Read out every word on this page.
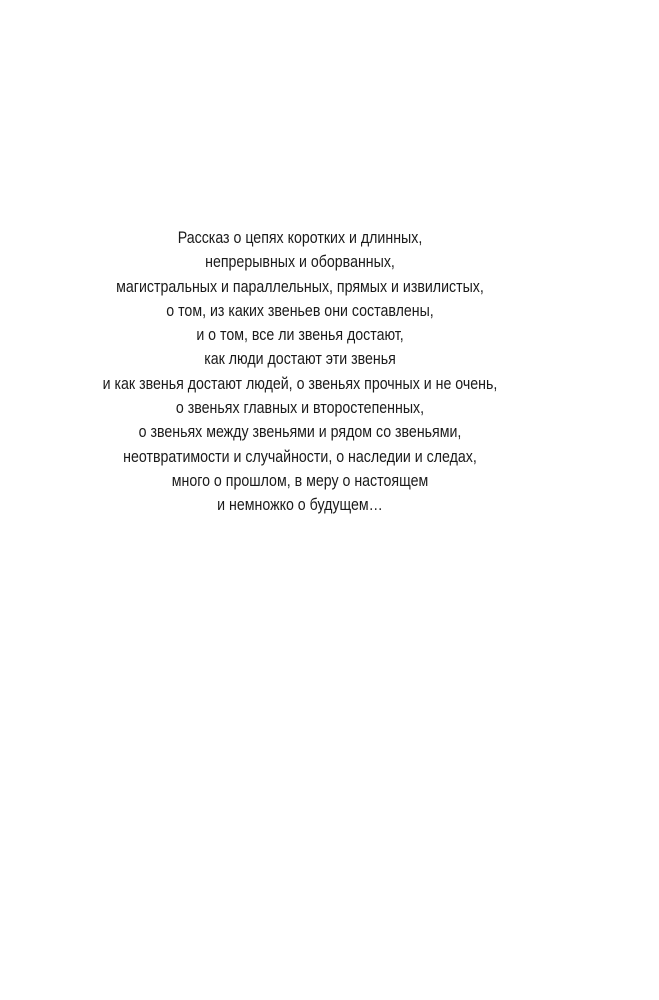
Рассказ о цепях коротких и длинных,
непрерывных и оборванных,
магистральных и параллельных, прямых и извилистых,
о том, из каких звеньев они составлены,
и о том, все ли звенья достают,
как люди достают эти звенья
и как звенья достают людей, о звеньях прочных и не очень,
о звеньях главных и второстепенных,
о звеньях между звеньями и рядом со звеньями,
неотвратимости и случайности, о наследии и следах,
много о прошлом, в меру о настоящем
и немножко о будущем…
